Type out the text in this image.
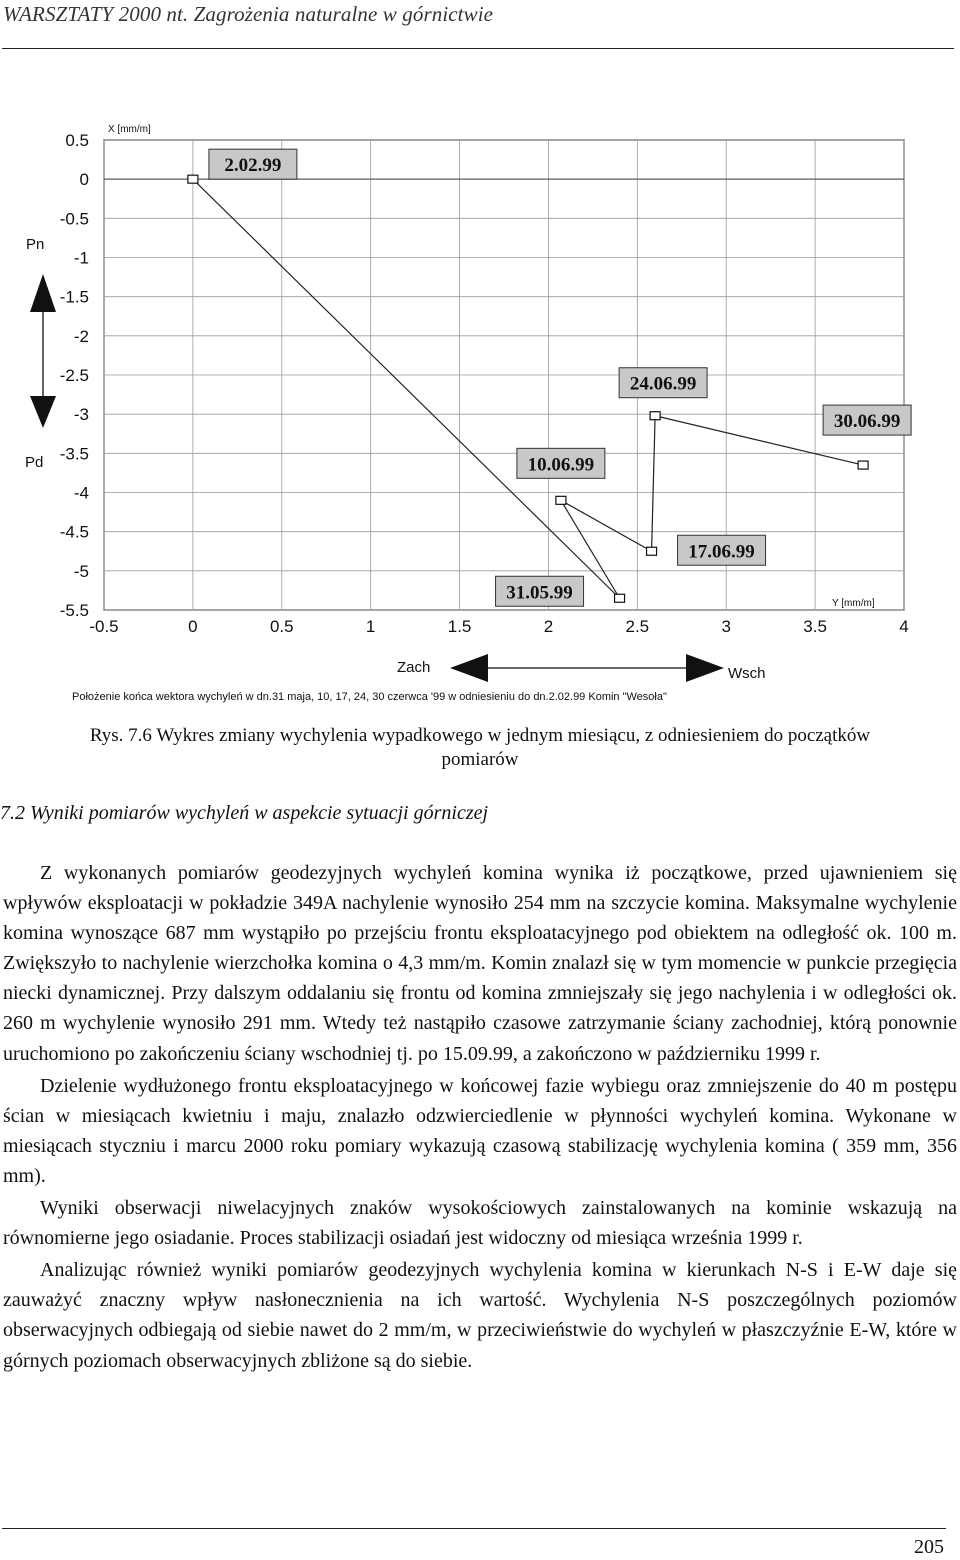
WARSZTATY 2000 nt. Zagrożenia naturalne w górnictwie
-0.5	0	0.5	1	1.5	2	2.5	3	3.5	4
0.5
0
-0.5
-1
-1.5
-2
-2.5
-3
-3.5
-4
-4.5
-5
-5.5
X [mm/m]
Y [mm/m]
2.02.99
31.05.99
10.06.99
17.06.99
24.06.99
30.06.99
Pn
Pd
Zach	Wsch
Położenie końca wektora wychyleń w dn.31 maja, 10, 17, 24, 30 czerwca '99 w odniesieniu do dn.2.02.99 Komin "Wesoła"
Rys. 7.6 Wykres zmiany wychylenia wypadkowego w jednym miesiącu, z odniesieniem do początków
pomiarów
7.2 Wyniki pomiarów wychyleń w aspekcie sytuacji górniczej

Z wykonanych pomiarów geodezyjnych wychyleń komina wynika iż początkowe, przed ujawnieniem się wpływów eksploatacji w pokładzie 349A nachylenie wynosiło 254 mm na szczycie komina. Maksymalne wychylenie komina wynoszące 687 mm wystąpiło po przejściu frontu eksploatacyjnego pod obiektem na odległość ok. 100 m. Zwiększyło to nachylenie wierzchołka komina o 4,3 mm/m. Komin znalazł się w tym momencie w punkcie przegięcia niecki dynamicznej. Przy dalszym oddalaniu się frontu od komina zmniejszały się jego nachylenia i w odległości ok. 260 m wychylenie wynosiło 291 mm. Wtedy też nastąpiło czasowe zatrzymanie ściany zachodniej, którą ponownie uruchomiono po zakończeniu ściany wschodniej tj. po 15.09.99, a zakończono w październiku 1999 r.

Dzielenie wydłużonego frontu eksploatacyjnego w końcowej fazie wybiegu oraz zmniejszenie do 40 m postępu ścian w miesiącach kwietniu i maju, znalazło odzwierciedlenie w płynności wychyleń komina. Wykonane w miesiącach styczniu i marcu 2000 roku pomiary wykazują czasową stabilizację wychylenia komina ( 359 mm, 356 mm).

Wyniki obserwacji niwelacyjnych znaków wysokościowych zainstalowanych na kominie wskazują na równomierne jego osiadanie. Proces stabilizacji osiadań jest widoczny od miesiąca września 1999 r.

Analizując również wyniki pomiarów geodezyjnych wychylenia komina w kierunkach N-S i E-W daje się zauważyć znaczny wpływ nasłonecznienia na ich wartość. Wychylenia N-S poszczególnych poziomów obserwacyjnych odbiegają od siebie nawet do 2 mm/m, w przeciwieństwie do wychyleń w płaszczyźnie E-W, które w górnych poziomach obserwacyjnych zbliżone są do siebie.

205
